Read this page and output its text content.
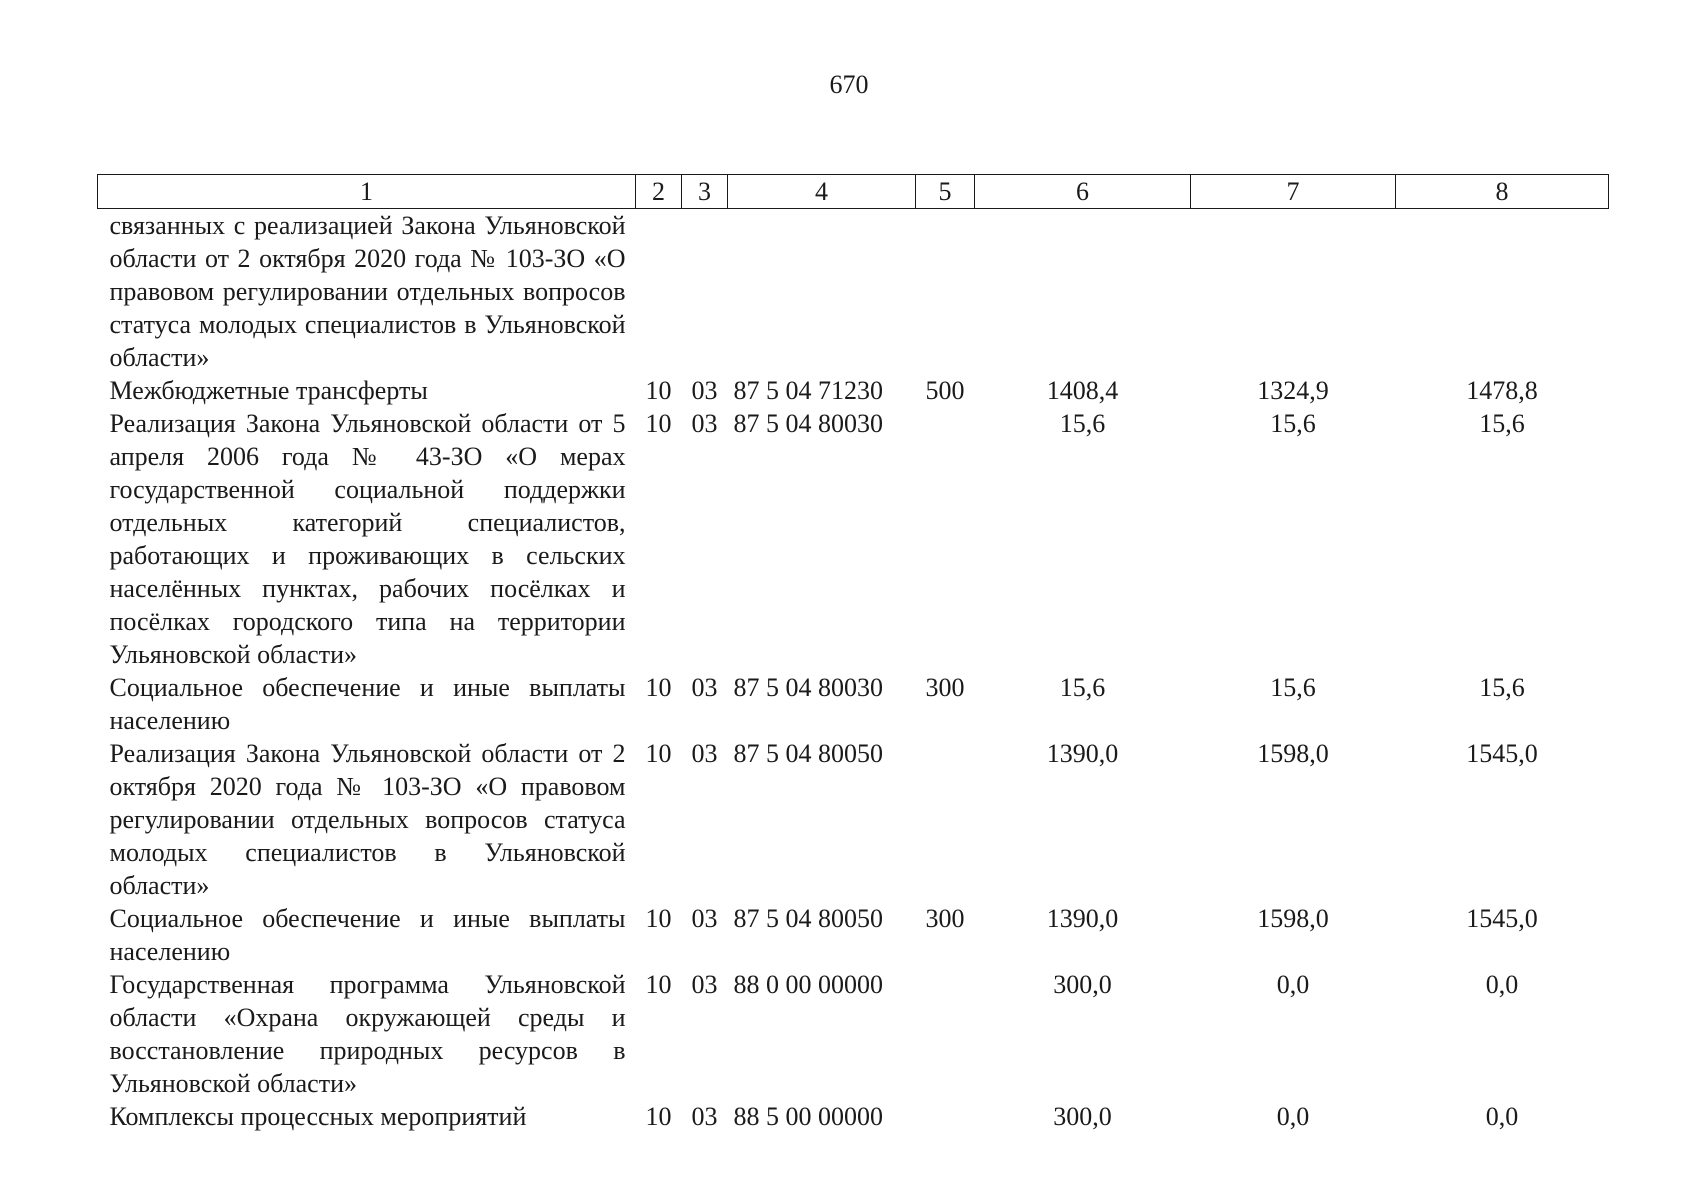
670
1	2	3	4	5	6	7	8
связанных с реализацией Закона Ульяновской области от 2 октября 2020 года № 103-ЗО «О правовом регулировании отдельных вопросов статуса молодых специалистов в Ульяновской области»							
Межбюджетные трансферты	10	03	87 5 04 71230	500	1408,4	1324,9	1478,8
Реализация Закона Ульяновской области от 5 апреля 2006 года № 43-ЗО «О мерах государственной социальной поддержки отдельных категорий специалистов, работающих и проживающих в сельских населённых пунктах, рабочих посёлках и посёлках городского типа на территории Ульяновской области»	10	03	87 5 04 80030		15,6	15,6	15,6
Социальное обеспечение и иные выплаты населению	10	03	87 5 04 80030	300	15,6	15,6	15,6
Реализация Закона Ульяновской области от 2 октября 2020 года № 103-ЗО «О правовом регулировании отдельных вопросов статуса молодых специалистов в Ульяновской области»	10	03	87 5 04 80050		1390,0	1598,0	1545,0
Социальное обеспечение и иные выплаты населению	10	03	87 5 04 80050	300	1390,0	1598,0	1545,0
Государственная программа Ульяновской области «Охрана окружающей среды и восстановление природных ресурсов в Ульяновской области»	10	03	88 0 00 00000		300,0	0,0	0,0
Комплексы процессных мероприятий	10	03	88 5 00 00000		300,0	0,0	0,0
